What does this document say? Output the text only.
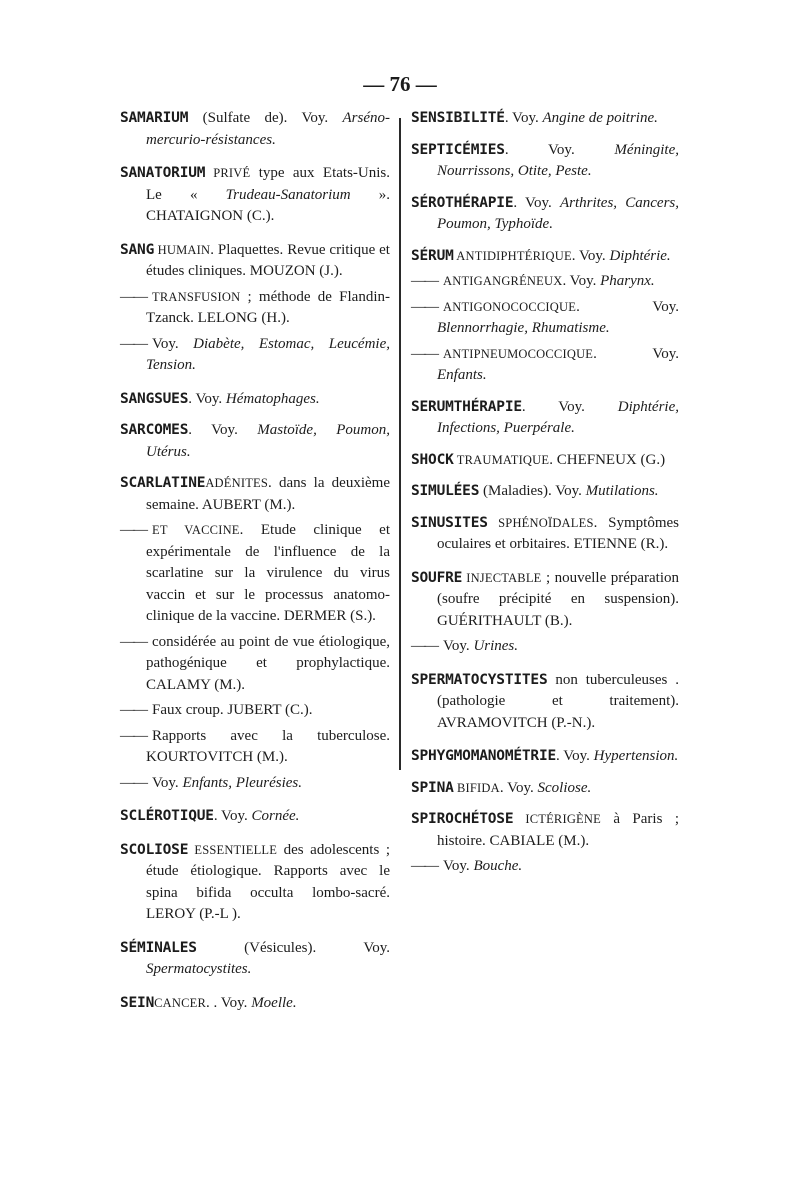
— 76 —
SAMARIUM (Sulfate de). Voy. Arséno-mercurio-résistances.
SANATORIUM PRIVÉ type aux Etats-Unis. Le « Trudeau-Sanatorium ». CHATAIGNON (C.).
SANG HUMAIN. Plaquettes. Revue critique et études cliniques. MOUZON (J.).
—— TRANSFUSION ; méthode de Flandin-Tzanck. LELONG (H.).
—— Voy. Diabète, Estomac, Leucémie, Tension.
SANGSUES. Voy. Hématophages.
SARCOMES. Voy. Mastoïde, Poumon, Utérus.
SCARLATINEADÉNITES. dans la deuxième semaine. AUBERT (M.).
—— ET VACCINE. Etude clinique et expérimentale de l'influence de la scarlatine sur la virulence du virus vaccin et sur le processus anatomo-clinique de la vaccine. DERMER (S.).
—— considérée au point de vue étiologique, pathogénique et prophylactique. CALAMY (M.).
—— Faux croup. JUBERT (C.).
—— Rapports avec la tuberculose. KOURTOVITCH (M.).
—— Voy. Enfants, Pleurésies.
SCLÉROTIQUE. Voy. Cornée.
SCOLIOSE ESSENTIELLE des adolescents ; étude étiologique. Rapports avec le spina bifida occulta lombo-sacré. LEROY (P.-L ).
SÉMINALES (Vésicules). Voy. Spermatocystites.
SEINCANCER. . Voy. Moelle.
SENSIBILITÉ. Voy. Angine de poitrine.
SEPTICÉMIES. Voy. Méningite, Nourrissons, Otite, Peste.
SÉROTHÉRAPIE. Voy. Arthrites, Cancers, Poumon, Typhoïde.
SÉRUM ANTIDIPHTÉRIQUE. Voy. Diphtérie.
—— ANTIGANGRÉNEUX. Voy. Pharynx.
—— ANTIGONOCOCCIQUE. Voy. Blennorrhagie, Rhumatisme.
—— ANTIPNEUMOCOCCIQUE. Voy. Enfants.
SERUMTHÉRAPIE. Voy. Diphtérie, Infections, Puerpérale.
SHOCK TRAUMATIQUE. CHEFNEUX (G.)
SIMULÉES (Maladies). Voy. Mutilations.
SINUSITES SPHÉNOÏDALES. Symptômes oculaires et orbitaires. ETIENNE (R.).
SOUFRE INJECTABLE ; nouvelle préparation (soufre précipité en suspension). GUÉRITHAULT (B.).
—— Voy. Urines.
SPERMATOCYSTITES non tuberculeuses . (pathologie et traitement). AVRAMOVITCH (P.-N.).
SPHYGMOMANOMÉTRIE. Voy. Hypertension.
SPINA BIFIDA. Voy. Scoliose.
SPIROCHÉTOSE ICTÉRIGÈNE à Paris ; histoire. CABIALE (M.).
—— Voy. Bouche.
